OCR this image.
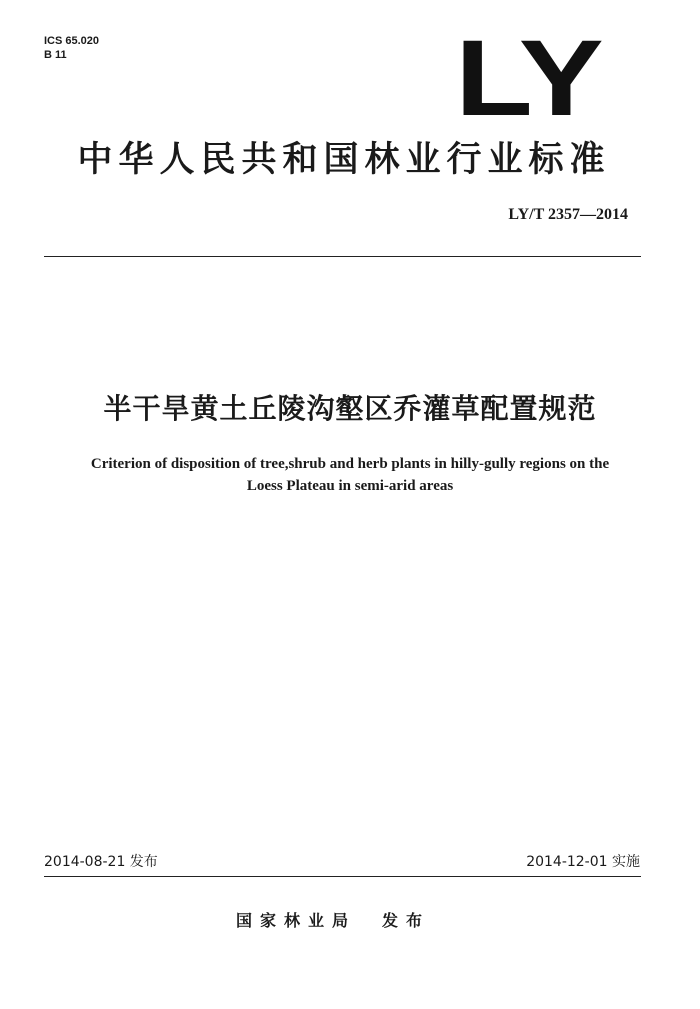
ICS 65.020
B 11	LY
中华人民共和国林业行业标准
LY/T 2357—2014
半干旱黄土丘陵沟壑区乔灌草配置规范
Criterion of disposition of tree,shrub and herb plants in hilly-gully regions on the
Loess Plateau in semi-arid areas
2014-08-21 发布	2014-12-01 实施
国家林业局 发布
